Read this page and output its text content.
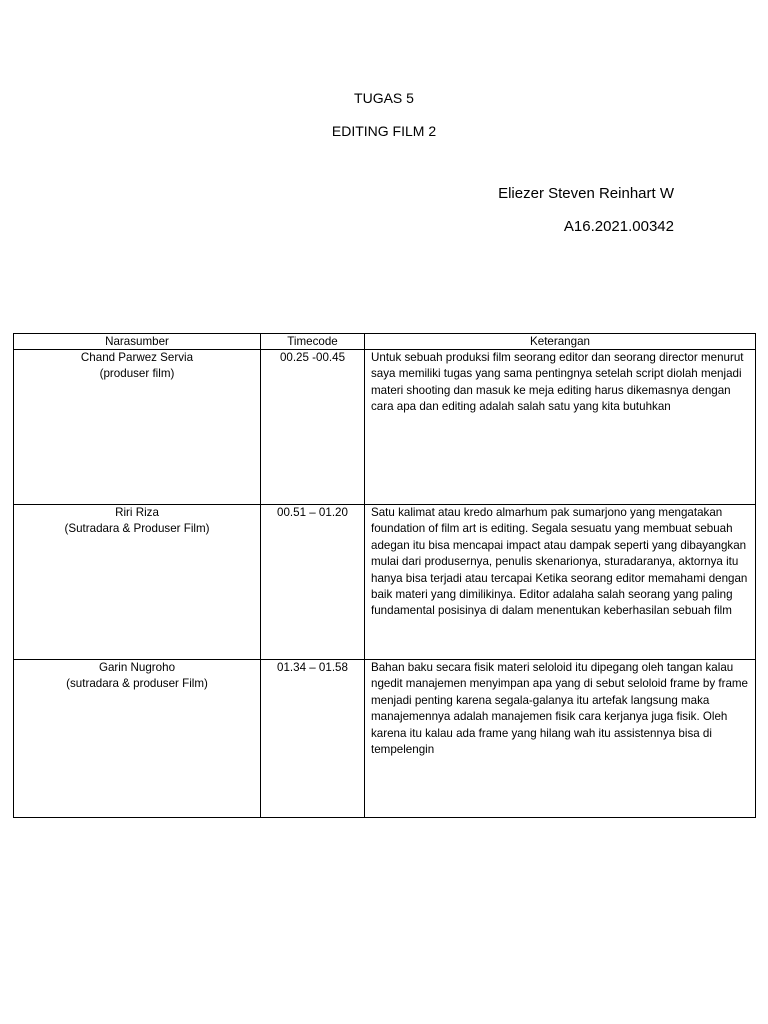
TUGAS 5
EDITING FILM 2
Eliezer Steven Reinhart W
A16.2021.00342
Narasumber	Timecode	Keterangan

Chand Parwez Servia
(produser film)	00.25 -00.45	Untuk sebuah produksi film seorang editor dan seorang director menurut saya memiliki tugas yang sama pentingnya setelah script diolah menjadi materi shooting dan masuk ke meja editing harus dikemasnya dengan cara apa dan editing adalah salah satu yang kita butuhkan

Riri Riza
(Sutradara & Produser Film)	00.51 – 01.20	Satu kalimat atau kredo almarhum pak sumarjono yang mengatakan foundation of film art is editing. Segala sesuatu yang membuat sebuah adegan itu bisa mencapai impact atau dampak seperti yang dibayangkan mulai dari produsernya, penulis skenarionya, sturadaranya, aktornya itu hanya bisa terjadi atau tercapai Ketika seorang editor memahami dengan baik materi yang dimilikinya. Editor adalaha salah seorang yang paling fundamental posisinya di dalam menentukan keberhasilan sebuah film

Garin Nugroho
(sutradara & produser Film)	01.34 – 01.58	Bahan baku secara fisik materi seloloid itu dipegang oleh tangan kalau ngedit manajemen menyimpan apa yang di sebut seloloid frame by frame menjadi penting karena segala-galanya itu artefak langsung maka manajemennya adalah manajemen fisik cara kerjanya juga fisik. Oleh karena itu kalau ada frame yang hilang wah itu assistennya bisa di tempelengin
